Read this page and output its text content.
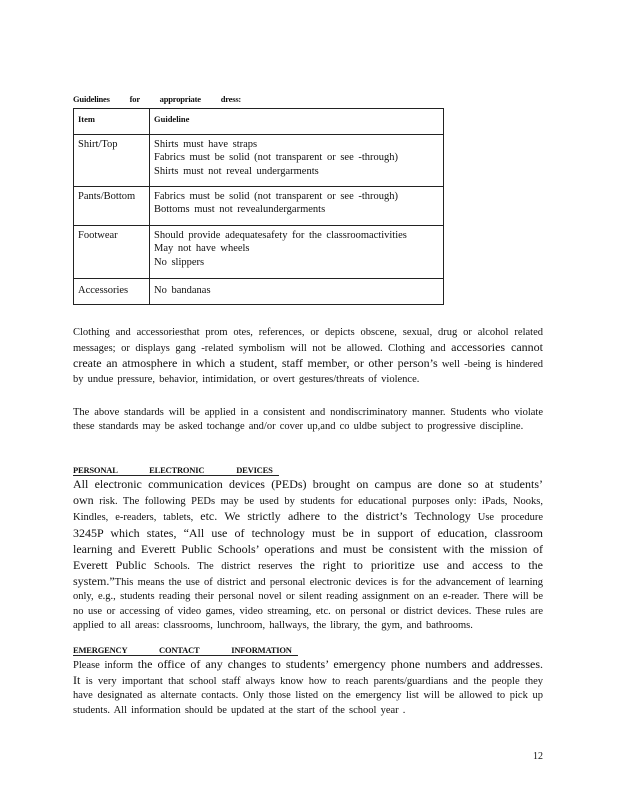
Guidelines for appropriate dress:
Item	Guideline
Shirt/Top	Shirts must have straps
Fabrics must be solid (not transparent or see -through)
Shirts must not reveal undergarments

Pants/Bottom	Fabrics must be solid (not transparent or see -through)
Bottoms must not revealundergarments

Footwear	Should provide adequatesafety for the classroomactivities
May not have wheels
No slippers

Accessories	No bandanas
Clothing and accessoriesthat prom otes, references, or depicts obscene, sexual, drug or alcohol related messages; or displays gang -related symbolism will not be allowed. Clothing and accessories cannot create an atmosphere in which a student, staff member, or other person’s well -being is hindered by undue pressure, behavior, intimidation, or overt gestures/threats of violence.
The above standards will be applied in a consistent and nondiscriminatory manner. Students who violate these standards may be asked tochange and/or cover up,and co uldbe subject to progressive discipline.
PERSONAL ELECTRONIC DEVICES
All electronic communication devices (PEDs) brought on campus are done so at students’ own risk. The following PEDs may be used by students for educational purposes only: iPads, Nooks, Kindles, e-readers, tablets, etc. We strictly adhere to the district’s Technology Use procedure 3245P which states, “All use of technology must be in support of education, classroom learning and Everett Public Schools’ operations and must be consistent with the mission of Everett Public Schools. The district reserves the right to prioritize use and access to the system.”This means the use of district and personal electronic devices is for the advancement of learning only, e.g., students reading their personal novel or silent reading assignment on an e-reader. There will be no use or accessing of video games, video streaming, etc. on personal or district devices. These rules are applied to all areas: classrooms, lunchroom, hallways, the library, the gym, and bathrooms.
EMERGENCY CONTACT INFORMATION
Please inform the office of any changes to students’ emergency phone numbers and addresses. It is very important that school staff always know how to reach parents/guardians and the people they have designated as alternate contacts. Only those listed on the emergency list will be allowed to pick up students. All information should be updated at the start of the school year .
12
